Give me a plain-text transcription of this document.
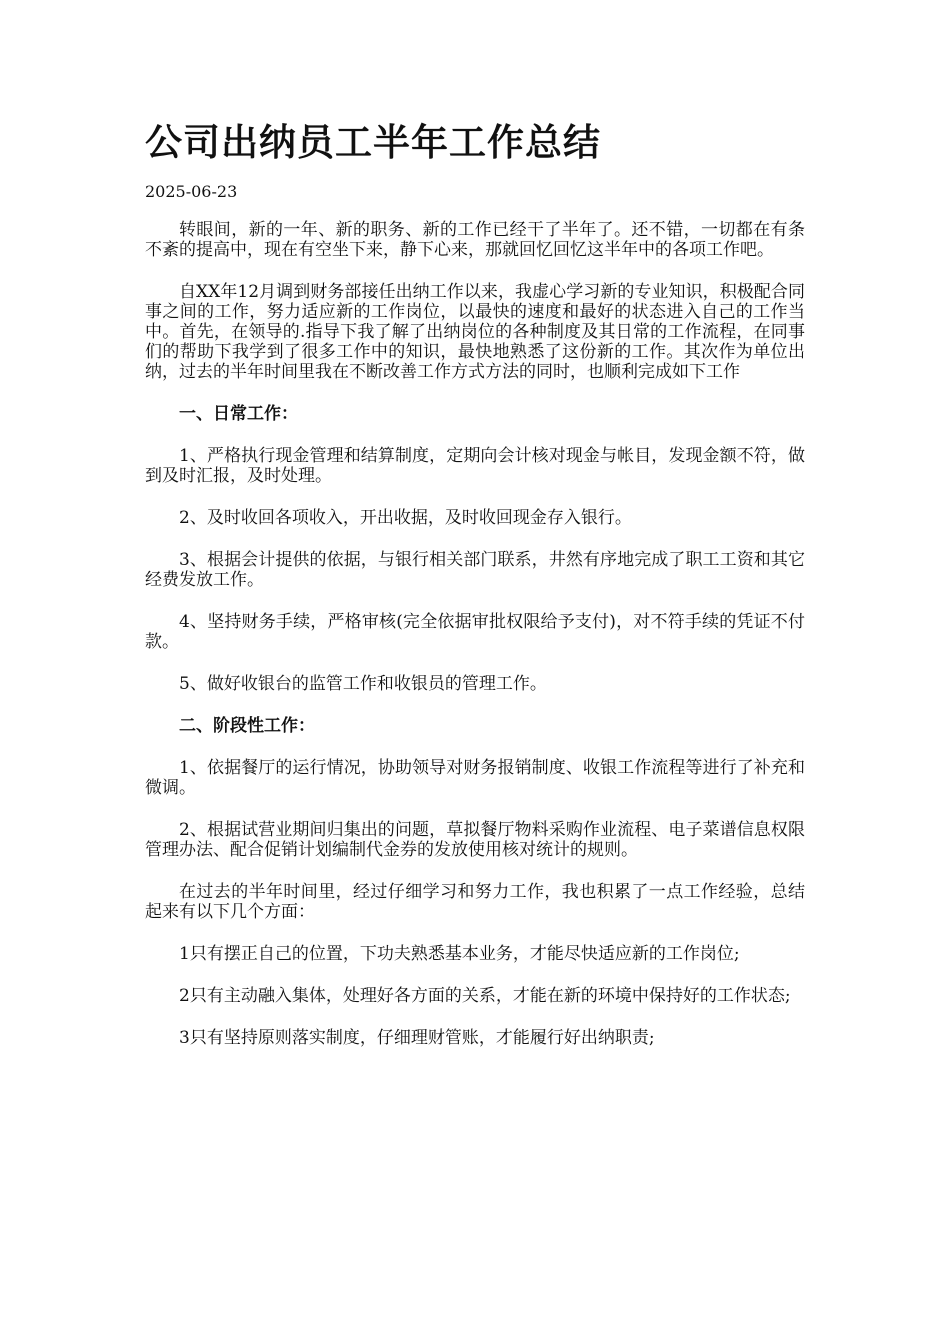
公司出纳员工半年工作总结
2025-06-23

转眼间，新的一年、新的职务、新的工作已经干了半年了。还不错，一切都在有条不紊的提高中，现在有空坐下来，静下心来，那就回忆回忆这半年中的各项工作吧。

自XX年12月调到财务部接任出纳工作以来，我虚心学习新的专业知识，积极配合同事之间的工作，努力适应新的工作岗位，以最快的速度和最好的状态进入自己的工作当中。首先，在领导的.指导下我了解了出纳岗位的各种制度及其日常的工作流程，在同事们的帮助下我学到了很多工作中的知识，最快地熟悉了这份新的工作。其次作为单位出纳，过去的半年时间里我在不断改善工作方式方法的同时，也顺利完成如下工作

一、日常工作：

1、严格执行现金管理和结算制度，定期向会计核对现金与帐目，发现金额不符，做到及时汇报，及时处理。

2、及时收回各项收入，开出收据，及时收回现金存入银行。

3、根据会计提供的依据，与银行相关部门联系，井然有序地完成了职工工资和其它经费发放工作。

4、坚持财务手续，严格审核(完全依据审批权限给予支付)，对不符手续的凭证不付款。

5、做好收银台的监管工作和收银员的管理工作。

二、阶段性工作：

1、依据餐厅的运行情况，协助领导对财务报销制度、收银工作流程等进行了补充和微调。

2、根据试营业期间归集出的问题，草拟餐厅物料采购作业流程、电子菜谱信息权限管理办法、配合促销计划编制代金券的发放使用核对统计的规则。

在过去的半年时间里，经过仔细学习和努力工作，我也积累了一点工作经验，总结起来有以下几个方面：

1只有摆正自己的位置，下功夫熟悉基本业务，才能尽快适应新的工作岗位;

2只有主动融入集体，处理好各方面的关系，才能在新的环境中保持好的工作状态;

3只有坚持原则落实制度，仔细理财管账，才能履行好出纳职责;
